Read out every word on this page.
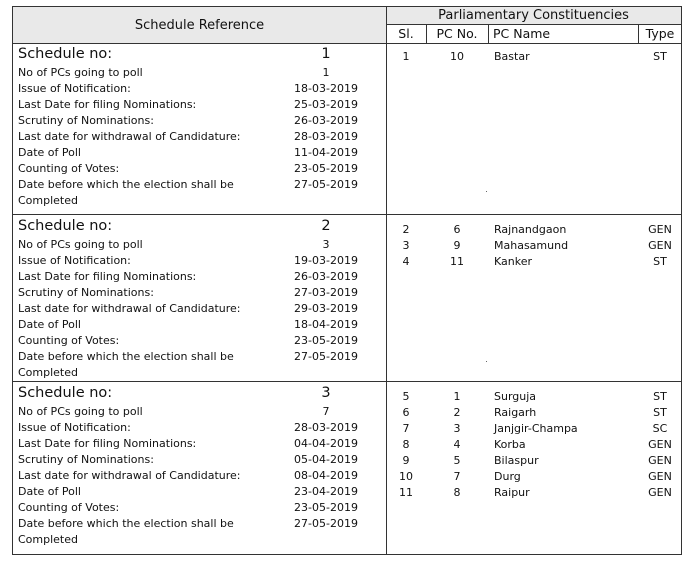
Schedule Reference
Parliamentary Constituencies
Sl.	PC No.	PC Name	Type
Schedule no:	1
No of PCs going to poll	1
Issue of Notification:	18-03-2019
Last Date for filing Nominations:	25-03-2019
Scrutiny of Nominations:	26-03-2019
Last date for withdrawal of Candidature:	28-03-2019
Date of Poll	11-04-2019
Counting of Votes:	23-05-2019
Date before which the election shall be	27-05-2019
Completed
1	10	Bastar	ST
Schedule no:	2
No of PCs going to poll	3
Issue of Notification:	19-03-2019
Last Date for filing Nominations:	26-03-2019
Scrutiny of Nominations:	27-03-2019
Last date for withdrawal of Candidature:	29-03-2019
Date of Poll	18-04-2019
Counting of Votes:	23-05-2019
Date before which the election shall be	27-05-2019
Completed
2	6	Rajnandgaon	GEN
3	9	Mahasamund	GEN
4	11	Kanker	ST
Schedule no:	3
No of PCs going to poll	7
Issue of Notification:	28-03-2019
Last Date for filing Nominations:	04-04-2019
Scrutiny of Nominations:	05-04-2019
Last date for withdrawal of Candidature:	08-04-2019
Date of Poll	23-04-2019
Counting of Votes:	23-05-2019
Date before which the election shall be	27-05-2019
Completed
5	1	Surguja	ST
6	2	Raigarh	ST
7	3	Janjgir-Champa	SC
8	4	Korba	GEN
9	5	Bilaspur	GEN
10	7	Durg	GEN
11	8	Raipur	GEN
